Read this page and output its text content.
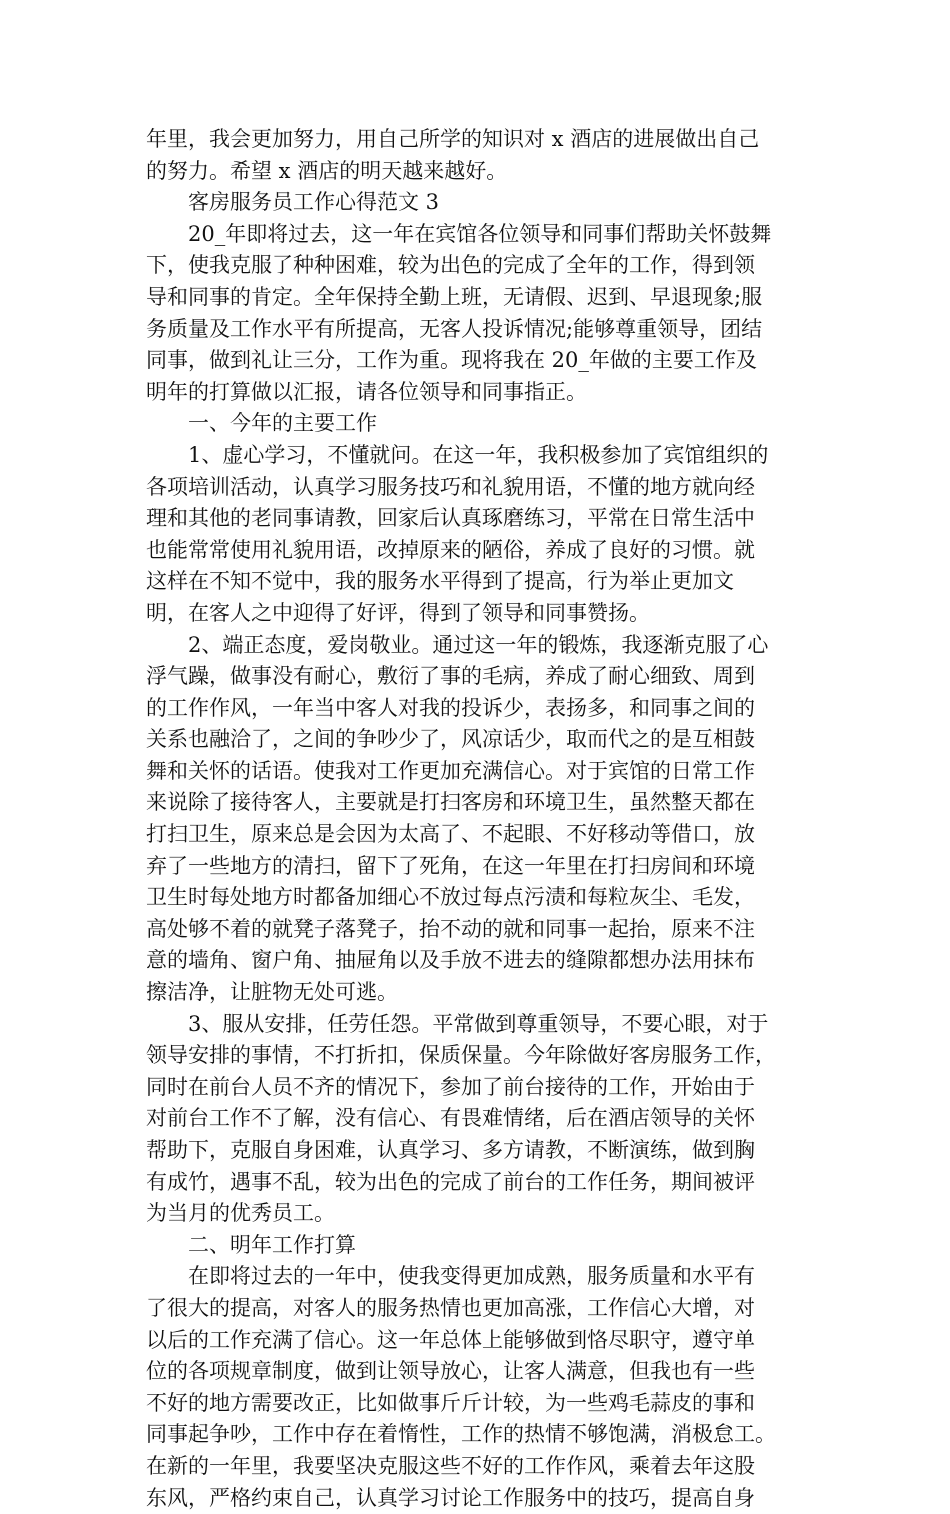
年里，我会更加努力，用自己所学的知识对 x 酒店的进展做出自己
的努力。希望 x 酒店的明天越来越好。
客房服务员工作心得范文 3
20_年即将过去，这一年在宾馆各位领导和同事们帮助关怀鼓舞
下，使我克服了种种困难，较为出色的完成了全年的工作，得到领
导和同事的肯定。全年保持全勤上班，无请假、迟到、早退现象;服
务质量及工作水平有所提高，无客人投诉情况;能够尊重领导，团结
同事，做到礼让三分，工作为重。现将我在 20_年做的主要工作及
明年的打算做以汇报，请各位领导和同事指正。
一、今年的主要工作
1、虚心学习，不懂就问。在这一年，我积极参加了宾馆组织的
各项培训活动，认真学习服务技巧和礼貌用语，不懂的地方就向经
理和其他的老同事请教，回家后认真琢磨练习，平常在日常生活中
也能常常使用礼貌用语，改掉原来的陋俗，养成了良好的习惯。就
这样在不知不觉中，我的服务水平得到了提高，行为举止更加文
明，在客人之中迎得了好评，得到了领导和同事赞扬。
2、端正态度，爱岗敬业。通过这一年的锻炼，我逐渐克服了心
浮气躁，做事没有耐心，敷衍了事的毛病，养成了耐心细致、周到
的工作作风，一年当中客人对我的投诉少，表扬多，和同事之间的
关系也融洽了，之间的争吵少了，风凉话少，取而代之的是互相鼓
舞和关怀的话语。使我对工作更加充满信心。对于宾馆的日常工作
来说除了接待客人，主要就是打扫客房和环境卫生，虽然整天都在
打扫卫生，原来总是会因为太高了、不起眼、不好移动等借口，放
弃了一些地方的清扫，留下了死角，在这一年里在打扫房间和环境
卫生时每处地方时都备加细心不放过每点污渍和每粒灰尘、毛发，
高处够不着的就凳子落凳子，抬不动的就和同事一起抬，原来不注
意的墙角、窗户角、抽屉角以及手放不进去的缝隙都想办法用抹布
擦洁净，让脏物无处可逃。
3、服从安排，任劳任怨。平常做到尊重领导，不要心眼，对于
领导安排的事情，不打折扣，保质保量。今年除做好客房服务工作，
同时在前台人员不齐的情况下，参加了前台接待的工作，开始由于
对前台工作不了解，没有信心、有畏难情绪，后在酒店领导的关怀
帮助下，克服自身困难，认真学习、多方请教，不断演练，做到胸
有成竹，遇事不乱，较为出色的完成了前台的工作任务，期间被评
为当月的优秀员工。
二、明年工作打算
在即将过去的一年中，使我变得更加成熟，服务质量和水平有
了很大的提高，对客人的服务热情也更加高涨，工作信心大增，对
以后的工作充满了信心。这一年总体上能够做到恪尽职守，遵守单
位的各项规章制度，做到让领导放心，让客人满意，但我也有一些
不好的地方需要改正，比如做事斤斤计较，为一些鸡毛蒜皮的事和
同事起争吵，工作中存在着惰性，工作的热情不够饱满，消极怠工。
在新的一年里，我要坚决克服这些不好的工作作风，乘着去年这股
东风，严格约束自己，认真学习讨论工作服务中的技巧，提高自身
